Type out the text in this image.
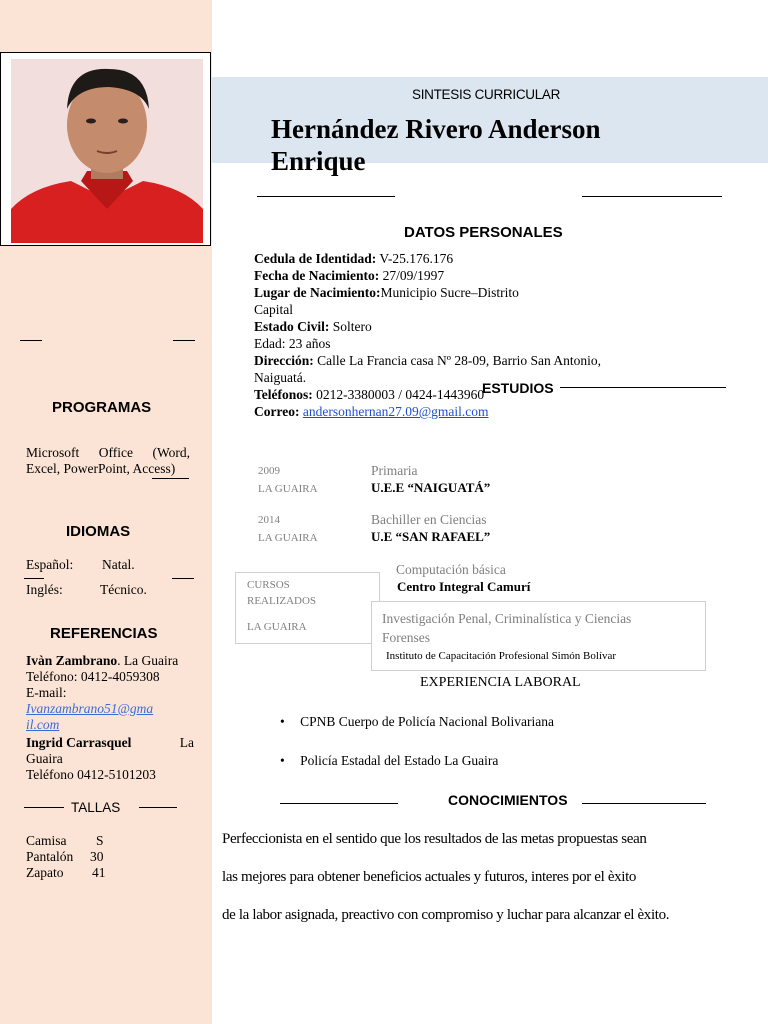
PROGRAMAS
Microsoft Office (Word, Excel, PowerPoint, Access)
IDIOMAS
Español: Natal.
Inglés:	Técnico.
REFERENCIAS
Ivàn Zambrano. La Guaira
Teléfono: 0412-4059308
E-mail:
Ivanzambrano51@gma
il.com
Ingrid Carrasquel	La
Guaira
Teléfono 0412-5101203
TALLAS
Camisa S
Pantalón 30
Zapato 41
SINTESIS CURRICULAR
Hernández Rivero Anderson
Enrique
DATOS PERSONALES
Cedula de Identidad: V-25.176.176
Fecha de Nacimiento: 27/09/1997
Lugar de Nacimiento:Municipio Sucre–Distrito
Capital
Estado Civil: Soltero
Edad: 23 años
Dirección: Calle La Francia casa Nº 28-09, Barrio San Antonio,
Naiguatá.
Teléfonos: 0212-3380003 / 0424-1443960
Correo: andersonhernan27.09@gmail.com
ESTUDIOS
2009
LA GUAIRA
Primaria
U.E.E “NAIGUATÁ”
2014
LA GUAIRA
Bachiller en Ciencias
U.E “SAN RAFAEL”
CURSOS
REALIZADOS
LA GUAIRA
Computación básica
Centro Integral Camurí
Investigación Penal, Criminalística y Ciencias
Forenses
Instituto de Capacitación Profesional Simón Bolívar
EXPERIENCIA LABORAL
• CPNB Cuerpo de Policía Nacional Bolivariana
• Policía Estadal del Estado La Guaira
CONOCIMIENTOS
Perfeccionista en el sentido que los resultados de las metas propuestas sean
las mejores para obtener beneficios actuales y futuros, interes por el èxito
de la labor asignada, preactivo con compromiso y luchar para alcanzar el èxito.
